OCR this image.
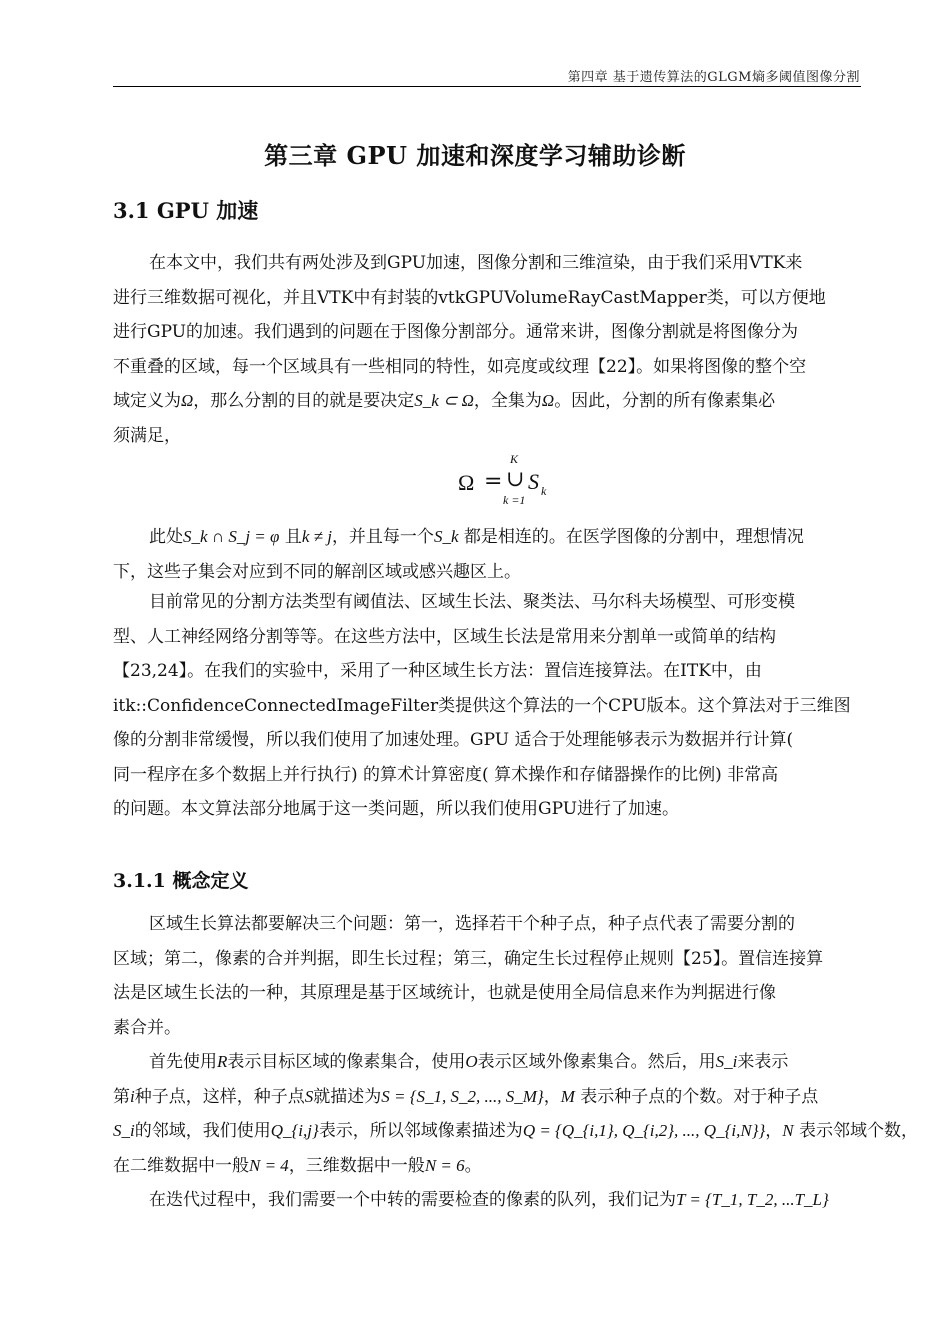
第四章 基于遗传算法的GLGM熵多阈值图像分割
第三章 GPU 加速和深度学习辅助诊断
3.1 GPU 加速
在本文中，我们共有两处涉及到GPU加速，图像分割和三维渲染，由于我们采用VTK来
进行三维数据可视化，并且VTK中有封装的vtkGPUVolumeRayCastMapper类，可以方便地
进行GPU的加速。我们遇到的问题在于图像分割部分。通常来讲，图像分割就是将图像分为
不重叠的区域，每一个区域具有一些相同的特性，如亮度或纹理【22】。如果将图像的整个空
域定义为Ω，那么分割的目的就是要决定S_k ⊂ Ω，全集为Ω。因此，分割的所有像素集必
须满足，
Ω = ∪
K
k =1
S k
此处S_k ∩ S_j = φ 且k ≠ j，并且每一个S_k 都是相连的。在医学图像的分割中，理想情况
下，这些子集会对应到不同的解剖区域或感兴趣区上。
目前常见的分割方法类型有阈值法、区域生长法、聚类法、马尔科夫场模型、可形变模
型、人工神经网络分割等等。在这些方法中，区域生长法是常用来分割单一或简单的结构
【23,24】。在我们的实验中，采用了一种区域生长方法：置信连接算法。在ITK中，由
itk::ConfidenceConnectedImageFilter类提供这个算法的一个CPU版本。这个算法对于三维图
像的分割非常缓慢，所以我们使用了加速处理。GPU 适合于处理能够表示为数据并行计算(
同一程序在多个数据上并行执行) 的算术计算密度( 算术操作和存储器操作的比例) 非常高
的问题。本文算法部分地属于这一类问题，所以我们使用GPU进行了加速。
3.1.1 概念定义
区域生长算法都要解决三个问题：第一，选择若干个种子点，种子点代表了需要分割的
区域；第二，像素的合并判据，即生长过程；第三，确定生长过程停止规则【25】。置信连接算
法是区域生长法的一种，其原理是基于区域统计，也就是使用全局信息来作为判据进行像
素合并。
首先使用R表示目标区域的像素集合，使用O表示区域外像素集合。然后，用S_i来表示
第i种子点，这样，种子点S就描述为S = {S_1, S_2, ..., S_M}，M 表示种子点的个数。对于种子点
S_i的邻域，我们使用Q_{i,j}表示，所以邻域像素描述为Q = {Q_{i,1}, Q_{i,2}, ..., Q_{i,N}}，N 表示邻域个数，
在二维数据中一般N = 4，三维数据中一般N = 6。
在迭代过程中，我们需要一个中转的需要检查的像素的队列，我们记为T = {T_1, T_2, ...T_L}
